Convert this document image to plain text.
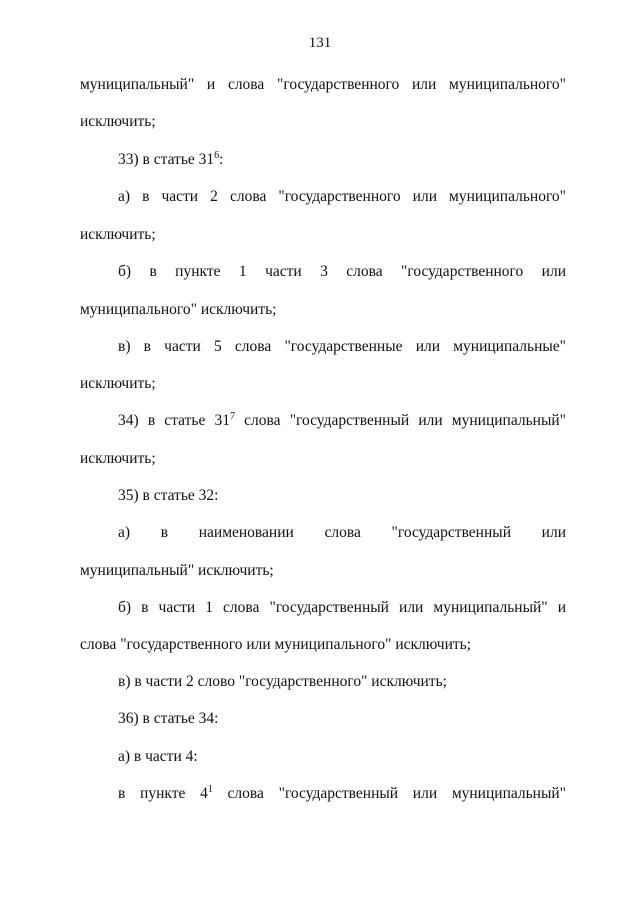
131
муниципальный" и слова "государственного или муниципального"
исключить;
33) в статье $31^6$:
а) в части 2 слова "государственного или муниципального"
исключить;
б) в пункте 1 части 3 слова "государственного или
муниципального" исключить;
в) в части 5 слова "государственные или муниципальные"
исключить;
34) в статье $31^7$ слова "государственный или муниципальный"
исключить;
35) в статье 32:
а) в наименовании слова "государственный или
муниципальный" исключить;
б) в части 1 слова "государственный или муниципальный" и
слова "государственного или муниципального" исключить;
в) в части 2 слово "государственного" исключить;
36) в статье 34:
а) в части 4:
в пункте $4^1$ слова "государственный или муниципальный"
